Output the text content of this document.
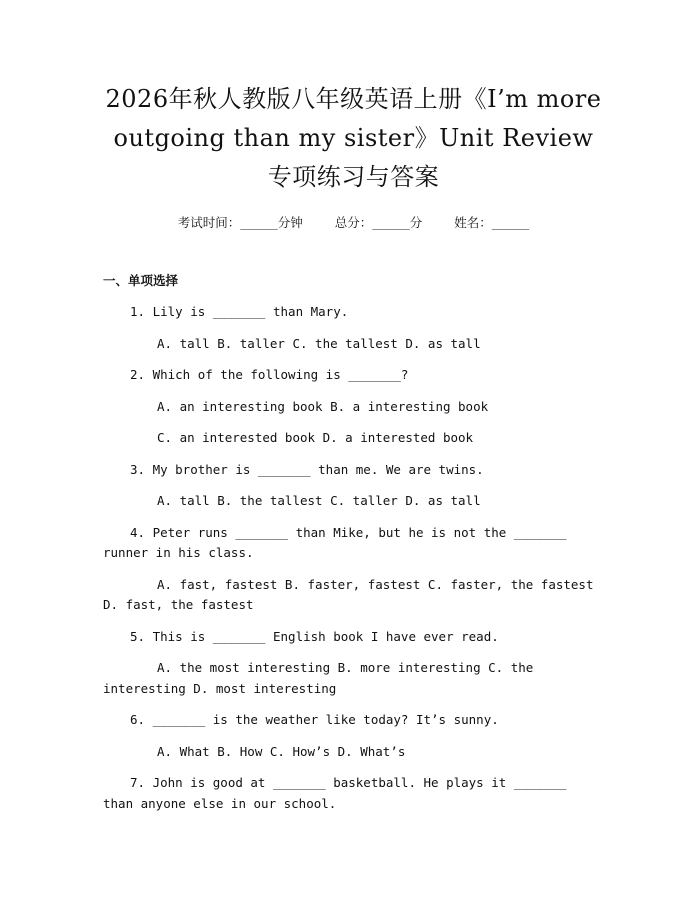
2026年秋人教版八年级英语上册《I’m more outgoing than my sister》Unit Review专项练习与答案
考试时间：______分钟	总分：______分	姓名：______
一、单项选择
1. Lily is _______ than Mary.
A. tall B. taller C. the tallest D. as tall
2. Which of the following is _______?
A. an interesting book B. a interesting book
C. an interested book D. a interested book
3. My brother is _______ than me. We are twins.
A. tall B. the tallest C. taller D. as tall
4. Peter runs _______ than Mike, but he is not the _______ runner in his class.
A. fast, fastest B. faster, fastest C. faster, the fastest D. fast, the fastest
5. This is _______ English book I have ever read.
A. the most interesting B. more interesting C. the interesting D. most interesting
6. _______ is the weather like today? It’s sunny.
A. What B. How C. How’s D. What’s
7. John is good at _______ basketball. He plays it _______ than anyone else in our school.
